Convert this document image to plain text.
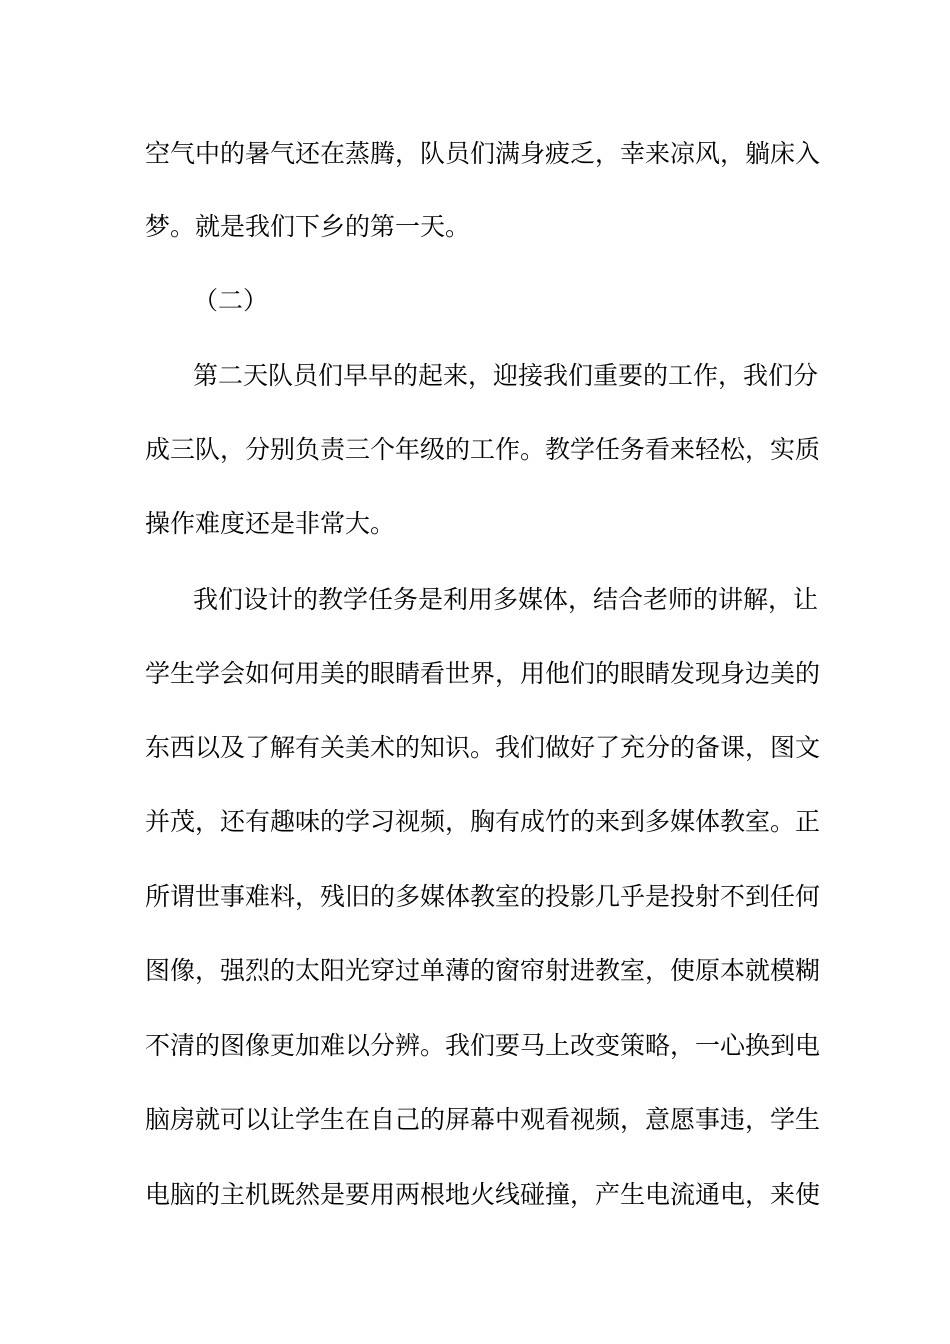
空气中的暑气还在蒸腾，队员们满身疲乏，幸来凉风，躺床入
梦。就是我们下乡的第一天。
（二）
第二天队员们早早的起来，迎接我们重要的工作，我们分
成三队，分别负责三个年级的工作。教学任务看来轻松，实质
操作难度还是非常大。
我们设计的教学任务是利用多媒体，结合老师的讲解，让
学生学会如何用美的眼睛看世界，用他们的眼睛发现身边美的
东西以及了解有关美术的知识。我们做好了充分的备课，图文
并茂，还有趣味的学习视频，胸有成竹的来到多媒体教室。正
所谓世事难料，残旧的多媒体教室的投影几乎是投射不到任何
图像，强烈的太阳光穿过单薄的窗帘射进教室，使原本就模糊
不清的图像更加难以分辨。我们要马上改变策略，一心换到电
脑房就可以让学生在自己的屏幕中观看视频，意愿事违，学生
电脑的主机既然是要用两根地火线碰撞，产生电流通电，来使
